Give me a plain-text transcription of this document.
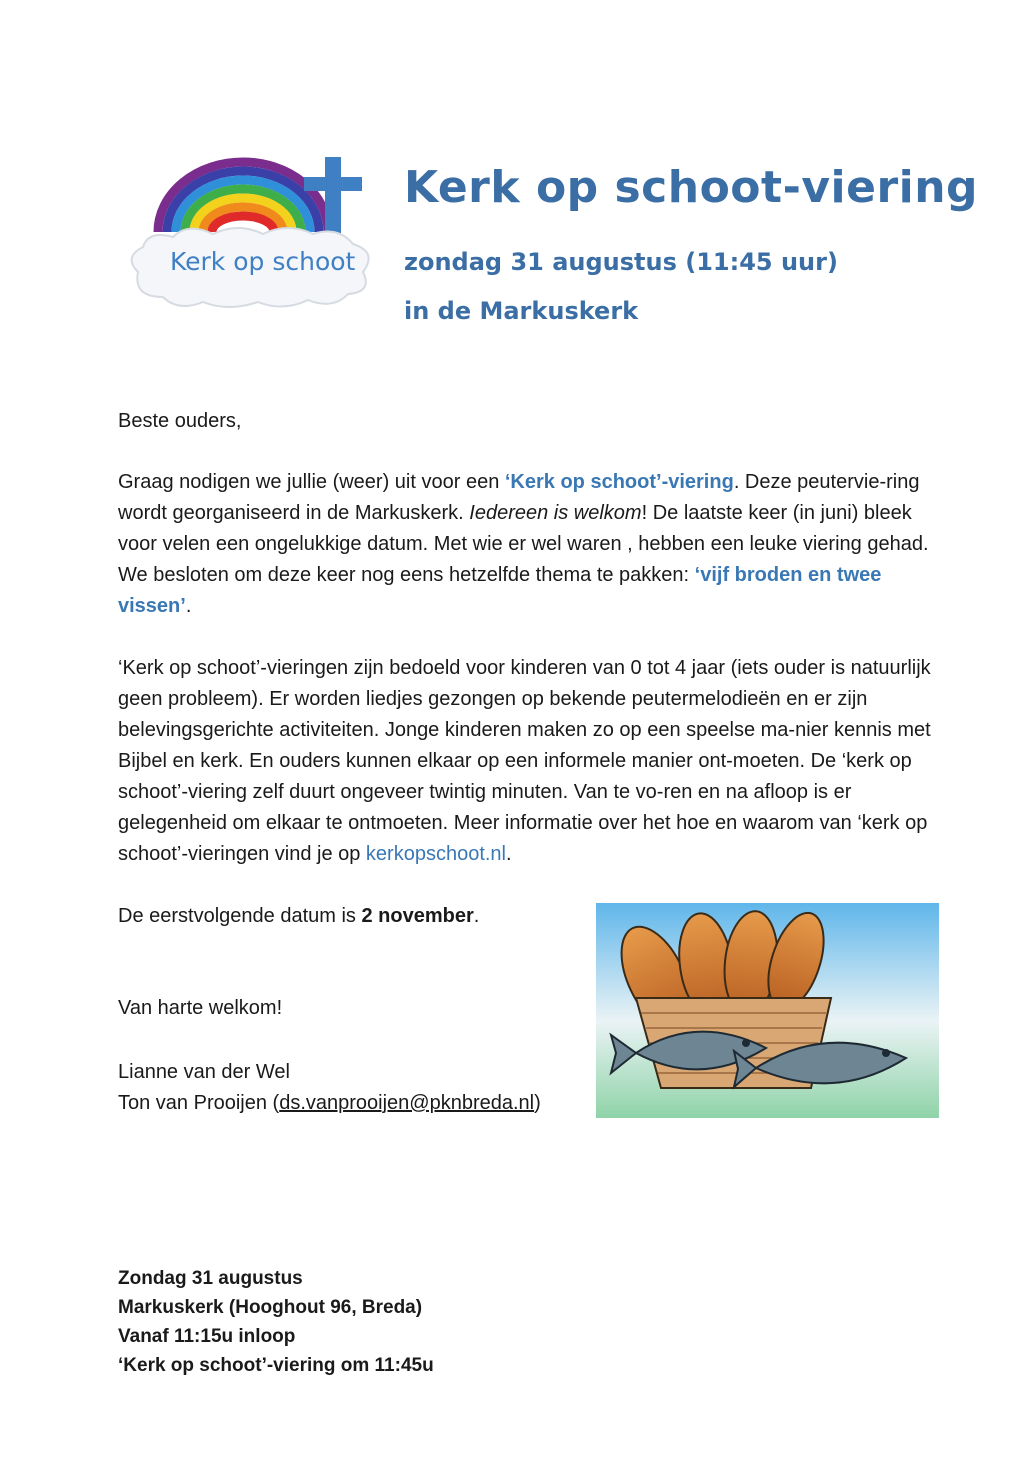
Kerk op schoot
Kerk op schoot-viering

zondag 31 augustus (11:45 uur)

in de Markuskerk

Beste ouders,

Graag nodigen we jullie (weer) uit voor een ‘Kerk op schoot’-viering. Deze peutervie-ring wordt georganiseerd in de Markuskerk. Iedereen is welkom! De laatste keer (in juni) bleek voor velen een ongelukkige datum. Met wie er wel waren , hebben een leuke viering gehad. We besloten om deze keer nog eens hetzelfde thema te pakken: ‘vijf broden en twee vissen’.

‘Kerk op schoot’-vieringen zijn bedoeld voor kinderen van 0 tot 4 jaar (iets ouder is natuurlijk geen probleem). Er worden liedjes gezongen op bekende peutermelodieën en er zijn belevingsgerichte activiteiten. Jonge kinderen maken zo op een speelse ma-nier kennis met Bijbel en kerk. En ouders kunnen elkaar op een informele manier ont-moeten. De ‘kerk op schoot’-viering zelf duurt ongeveer twintig minuten. Van te vo-ren en na afloop is er gelegenheid om elkaar te ontmoeten. Meer informatie over het hoe en waarom van ‘kerk op schoot’-vieringen vind je op kerkopschoot.nl.

De eerstvolgende datum is 2 november.

Van harte welkom!

Lianne van der Wel

Ton van Prooijen (ds.vanprooijen@pknbreda.nl)

Zondag 31 augustus
Markuskerk (Hooghout 96, Breda)
Vanaf 11:15u inloop
‘Kerk op schoot’-viering om 11:45u
